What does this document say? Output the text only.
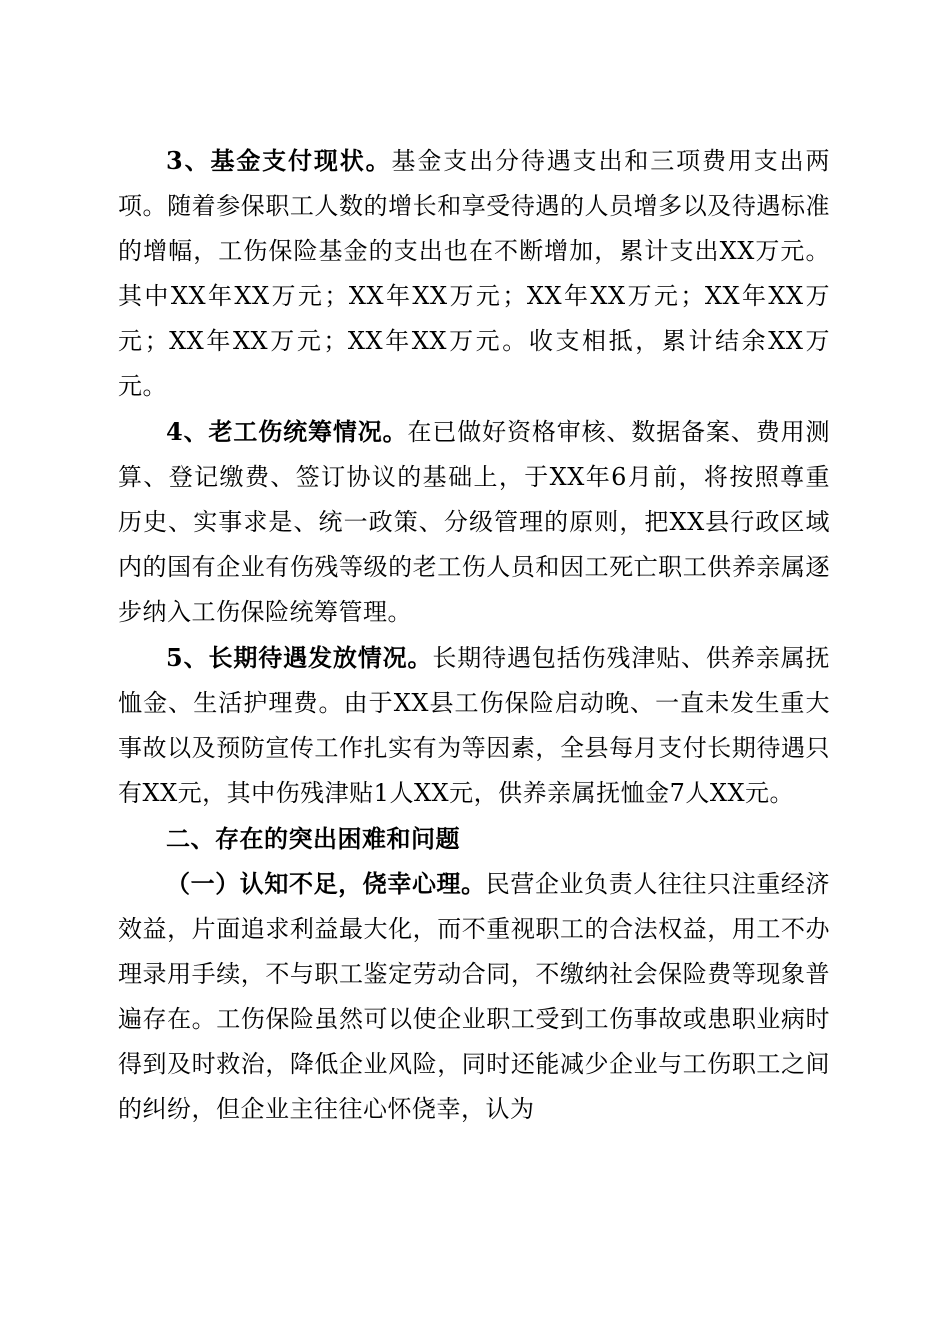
3、基金支付现状。基金支出分待遇支出和三项费用支出两项。随着参保职工人数的增长和享受待遇的人员增多以及待遇标准的增幅，工伤保险基金的支出也在不断增加，累计支出XX万元。其中XX年XX万元；XX年XX万元；XX年XX万元；XX年XX万元；XX年XX万元；XX年XX万元。收支相抵，累计结余XX万元。

4、老工伤统筹情况。在已做好资格审核、数据备案、费用测算、登记缴费、签订协议的基础上，于XX年6月前，将按照尊重历史、实事求是、统一政策、分级管理的原则，把XX县行政区域内的国有企业有伤残等级的老工伤人员和因工死亡职工供养亲属逐步纳入工伤保险统筹管理。

5、长期待遇发放情况。长期待遇包括伤残津贴、供养亲属抚恤金、生活护理费。由于XX县工伤保险启动晚、一直未发生重大事故以及预防宣传工作扎实有为等因素，全县每月支付长期待遇只有XX元，其中伤残津贴1人XX元，供养亲属抚恤金7人XX元。

二、存在的突出困难和问题

（一）认知不足，侥幸心理。民营企业负责人往往只注重经济效益，片面追求利益最大化，而不重视职工的合法权益，用工不办理录用手续，不与职工鉴定劳动合同，不缴纳社会保险费等现象普遍存在。工伤保险虽然可以使企业职工受到工伤事故或患职业病时得到及时救治，降低企业风险，同时还能减少企业与工伤职工之间的纠纷，但企业主往往心怀侥幸，认为
